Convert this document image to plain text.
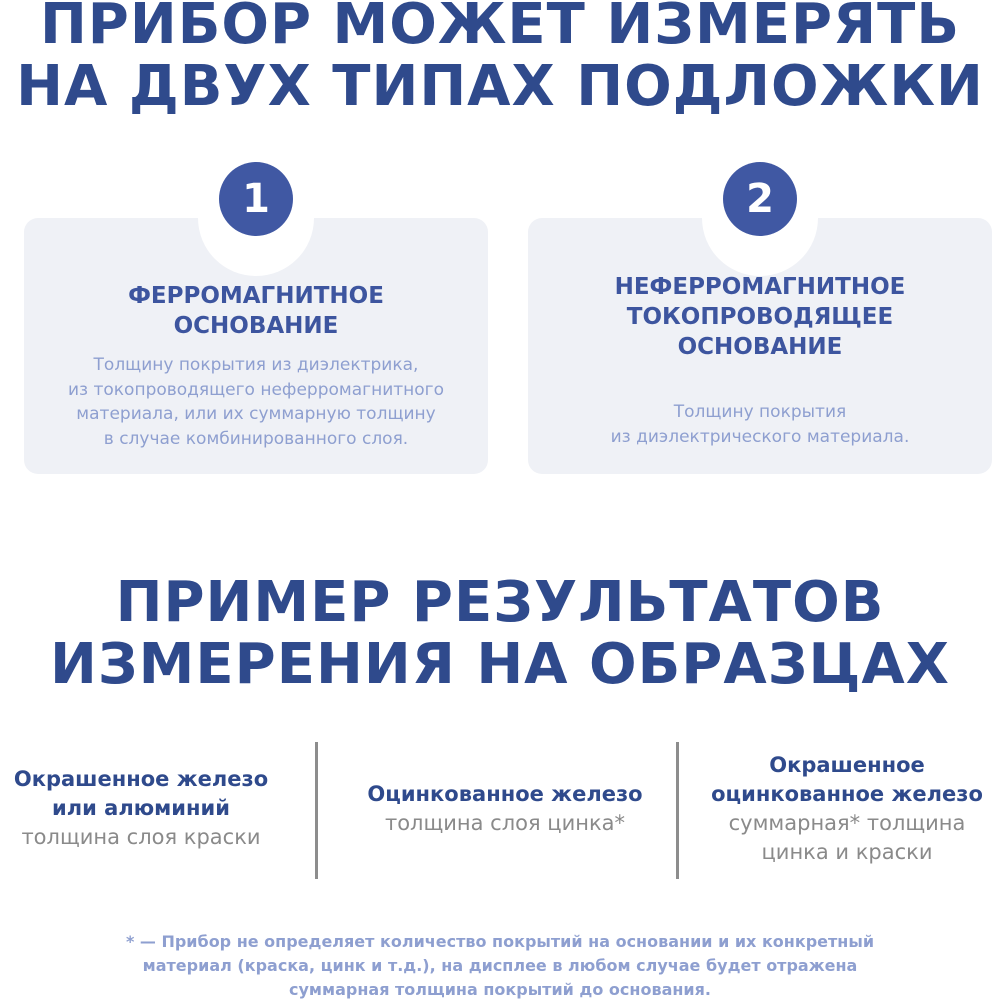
ПРИБОР МОЖЕТ ИЗМЕРЯТЬ
НА ДВУХ ТИПАХ ПОДЛОЖКИ
1
ФЕРРОМАГНИТНОЕ
ОСНОВАНИЕ
Толщину покрытия из диэлектрика,
из токопроводящего неферромагнитного
материала, или их суммарную толщину
в случае комбинированного слоя.
2
НЕФЕРРОМАГНИТНОЕ
ТОКОПРОВОДЯЩЕЕ
ОСНОВАНИЕ
Толщину покрытия
из диэлектрического материала.
ПРИМЕР РЕЗУЛЬТАТОВ
ИЗМЕРЕНИЯ НА ОБРАЗЦАХ
Окрашенное железо
или алюминий
толщина слоя краски
Оцинкованное железо
толщина слоя цинка*
Окрашенное
оцинкованное железо
суммарная* толщина
цинка и краски
* — Прибор не определяет количество покрытий на основании и их конкретный
материал (краска, цинк и т.д.), на дисплее в любом случае будет отражена
суммарная толщина покрытий до основания.
